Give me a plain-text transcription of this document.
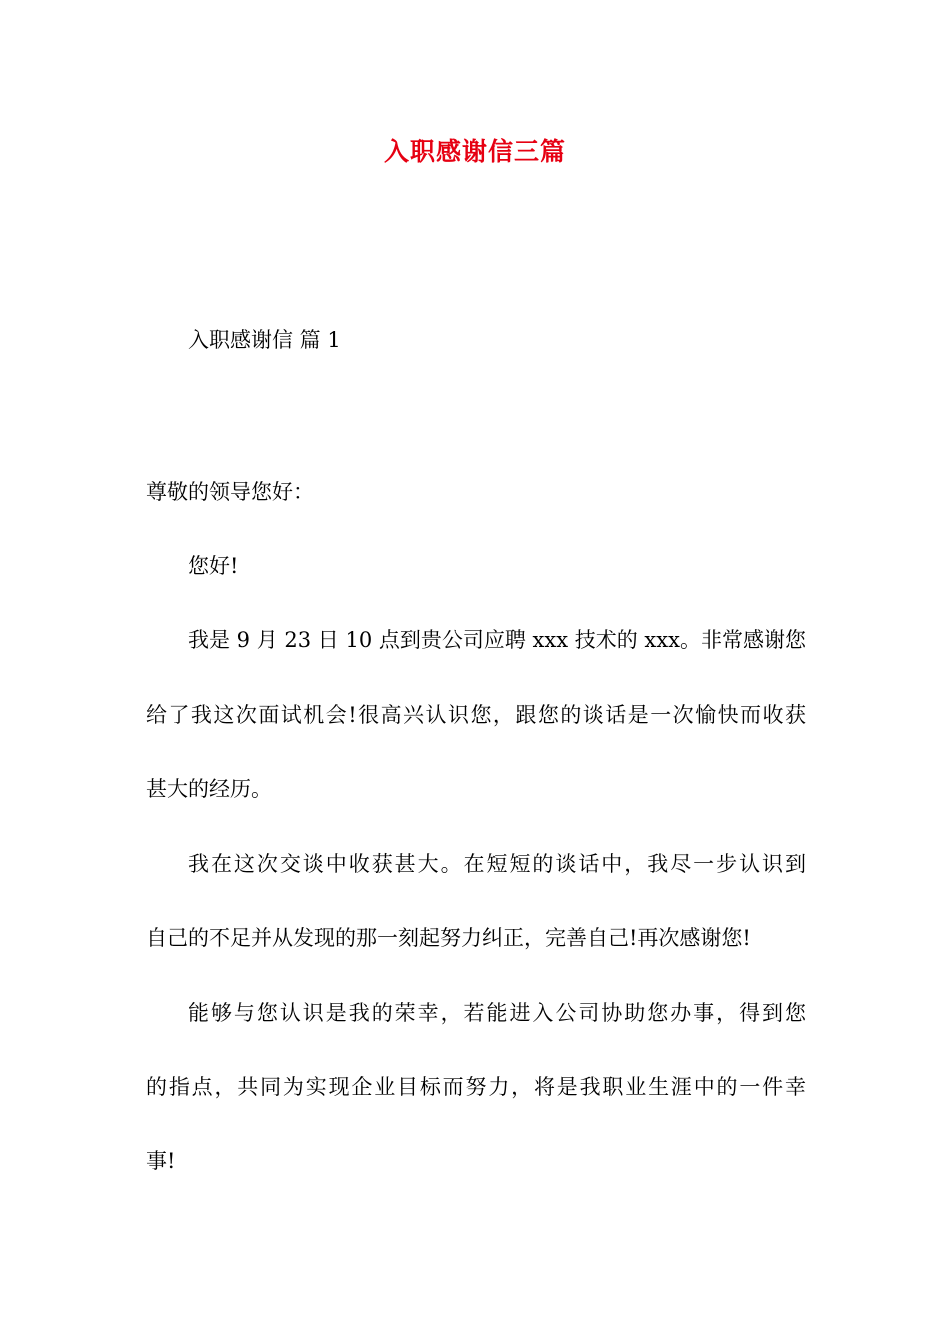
入职感谢信三篇
入职感谢信 篇 1
尊敬的领导您好：
您好!
我是 9 月 23 日 10 点到贵公司应聘 xxx 技术的 xxx。非常感谢您
给了我这次面试机会!很高兴认识您，跟您的谈话是一次愉快而收获
甚大的经历。
我在这次交谈中收获甚大。在短短的谈话中，我尽一步认识到
自己的不足并从发现的那一刻起努力纠正，完善自己!再次感谢您!
能够与您认识是我的荣幸，若能进入公司协助您办事，得到您
的指点，共同为实现企业目标而努力，将是我职业生涯中的一件幸
事!
